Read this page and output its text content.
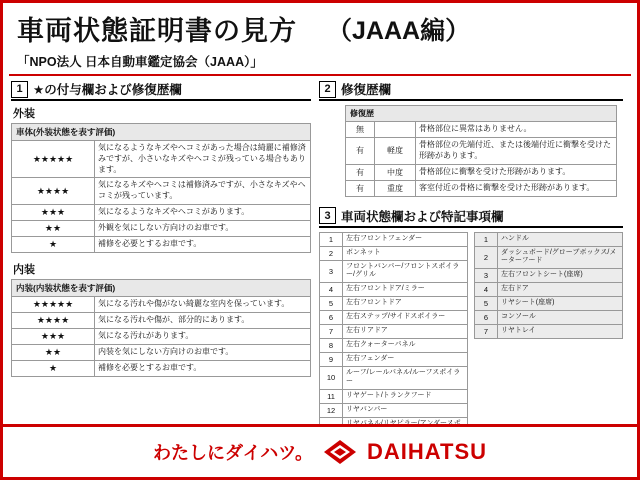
車両状態証明書の見方 （JAAA編）
「NPO法人 日本自動車鑑定協会（JAAA）」
1 ★の付与欄および修復歴欄
外装
車体(外装状態を表す評価)	
★★★★★	気になるようなキズやヘコミがあった場合は綺麗に補修済みですが、小さいなキズやヘコミが残っている場合もあります。
★★★★	気になるキズやヘコミは補修済みですが、小さなキズやヘコミが残っています。
★★★	気になるようなキズやヘコミがあります。
★★	外観を気にしない方向けのお車です。
★	補修を必要とするお車です。
内装
内装(内装状態を表す評価)	
★★★★★	気になる汚れや傷がない綺麗な室内を保っています。
★★★★	気になる汚れや傷が、部分的にあります。
★★★	気になる汚れがあります。
★★	内装を気にしない方向けのお車です。
★	補修を必要とするお車です。
2 修復歴欄
修復歴		
無		骨格部位に異常はありません。
有	軽度	骨格部位の先端付近、または後端付近に衝撃を受けた形跡があります。
有	中度	骨格部位に衝撃を受けた形跡があります。
有	重度	客室付近の骨格に衝撃を受けた形跡があります。
3 車両状態欄および特記事項欄
1	左右フロントフェンダー
2	ボンネット
3	フロントバンパー/フロントスポイラー/グリル
4	左右フロントドア/ミラー
5	左右フロントドア
6	左右ステップ/サイドスポイラー
7	左右リアドア
8	左右クォーターパネル
9	左右フェンダー
10	ルーフ/レールパネル/ルーフスポイラー
11	リヤゲート/トランクフード
12	リヤバンパー

1	ハンドル
2	ダッシュボード/グローブボックス/メーターフード
3	左右フロントシート(座席)
4	左右ドア
5	リヤシート(座席)
6	コンソール
7	リヤトレイ
わたしにダイハツ。 DAIHATSU
